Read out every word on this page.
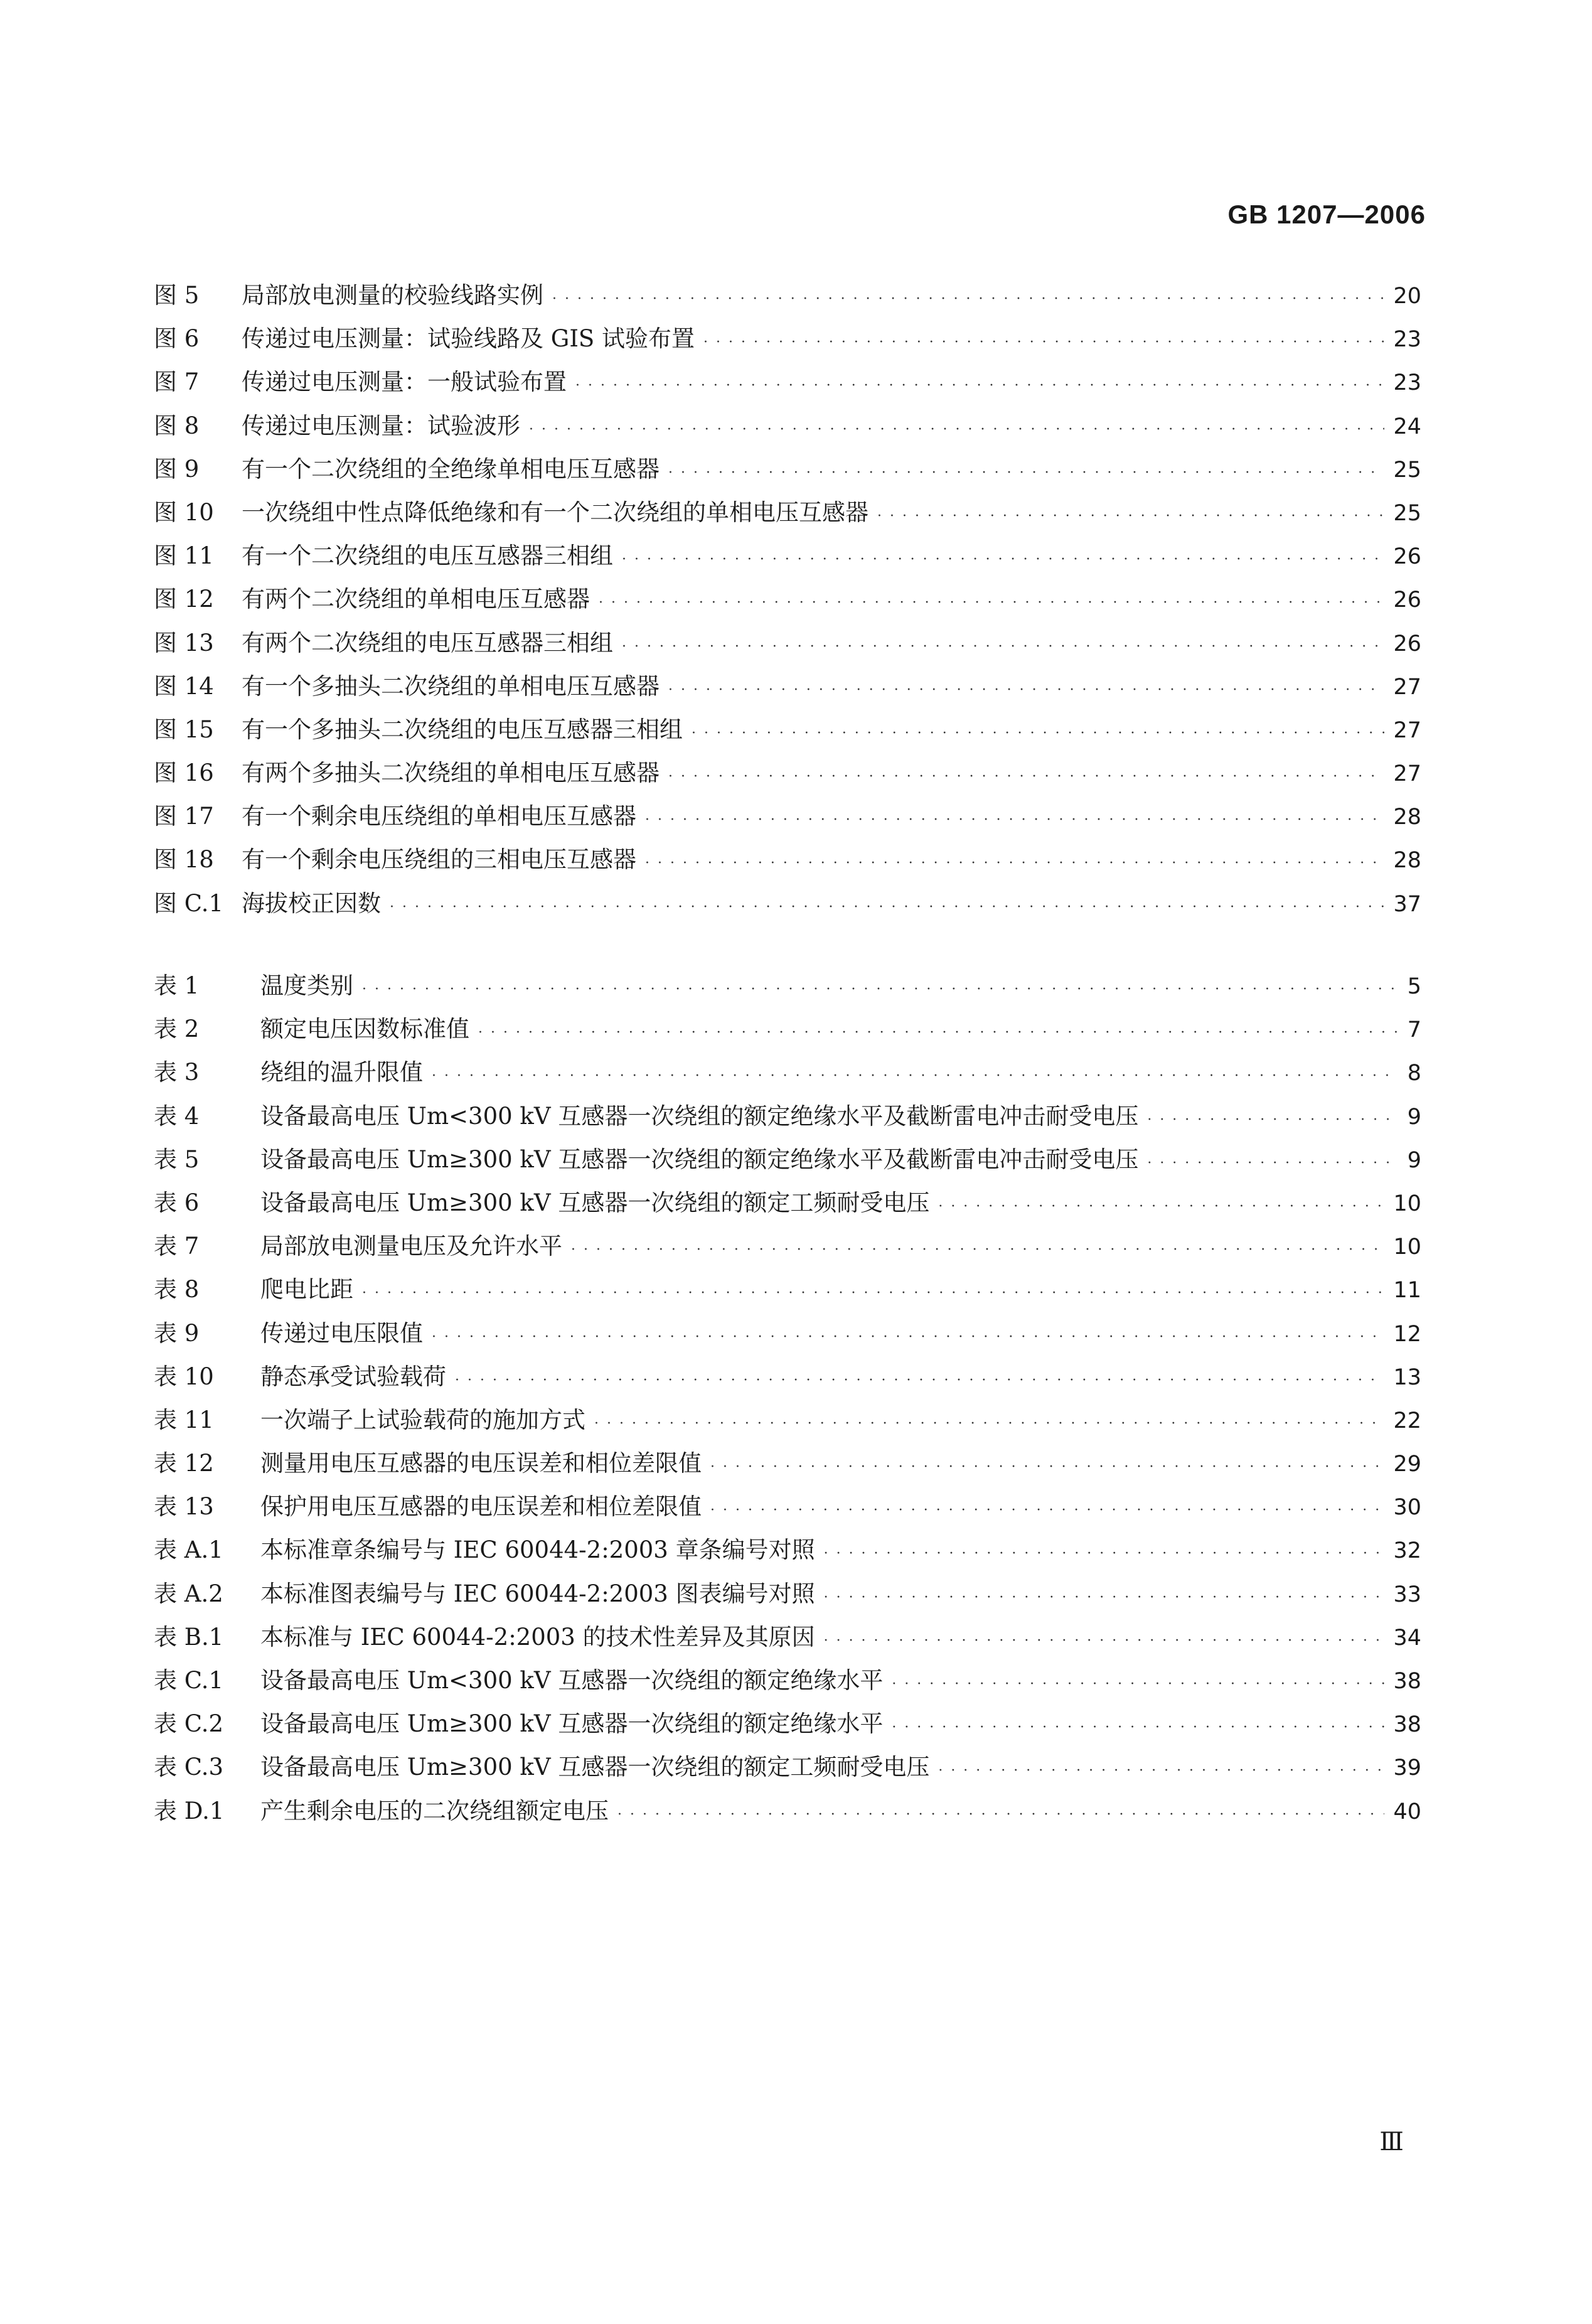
GB 1207—2006
图 5	局部放电测量的校验线路实例 · · ·	20
图 6	传递过电压测量：试验线路及 GIS 试验布置 · · ·	23
图 7	传递过电压测量：一般试验布置 · · ·	23
图 8	传递过电压测量：试验波形 · · ·	24
图 9	有一个二次绕组的全绝缘单相电压互感器 · · ·	25
图 10	一次绕组中性点降低绝缘和有一个二次绕组的单相电压互感器 · · ·	25
图 11	有一个二次绕组的电压互感器三相组 · · ·	26
图 12	有两个二次绕组的单相电压互感器 · · ·	26
图 13	有两个二次绕组的电压互感器三相组 · · ·	26
图 14	有一个多抽头二次绕组的单相电压互感器 · · ·	27
图 15	有一个多抽头二次绕组的电压互感器三相组 · · ·	27
图 16	有两个多抽头二次绕组的单相电压互感器 · · ·	27
图 17	有一个剩余电压绕组的单相电压互感器 · · ·	28
图 18	有一个剩余电压绕组的三相电压互感器 · · ·	28
图 C.1 海拔校正因数 · · ·	37
表 1	温度类别 · · ·	5
表 2	额定电压因数标准值 · · ·	7
表 3	绕组的温升限值 · · ·	8
表 4	设备最高电压 Um<300 kV 互感器一次绕组的额定绝缘水平及截断雷电冲击耐受电压 · · ·	9
表 5	设备最高电压 Um≥300 kV 互感器一次绕组的额定绝缘水平及截断雷电冲击耐受电压 · · ·	9
表 6	设备最高电压 Um≥300 kV 互感器一次绕组的额定工频耐受电压 · · ·	10
表 7	局部放电测量电压及允许水平 · · ·	10
表 8	爬电比距 · · ·	11
表 9	传递过电压限值 · · ·	12
表 10	静态承受试验载荷 · · ·	13
表 11	一次端子上试验载荷的施加方式 · · ·	22
表 12	测量用电压互感器的电压误差和相位差限值 · · ·	29
表 13	保护用电压互感器的电压误差和相位差限值 · · ·	30
表 A.1	本标准章条编号与 IEC 60044-2:2003 章条编号对照 · · ·	32
表 A.2	本标准图表编号与 IEC 60044-2:2003 图表编号对照 · · ·	33
表 B.1	本标准与 IEC 60044-2:2003 的技术性差异及其原因 · · ·	34
表 C.1	设备最高电压 Um<300 kV 互感器一次绕组的额定绝缘水平 · · ·	38
表 C.2	设备最高电压 Um≥300 kV 互感器一次绕组的额定绝缘水平 · · ·	38
表 C.3	设备最高电压 Um≥300 kV 互感器一次绕组的额定工频耐受电压 · · ·	39
表 D.1	产生剩余电压的二次绕组额定电压 · · ·	40
Ⅲ
